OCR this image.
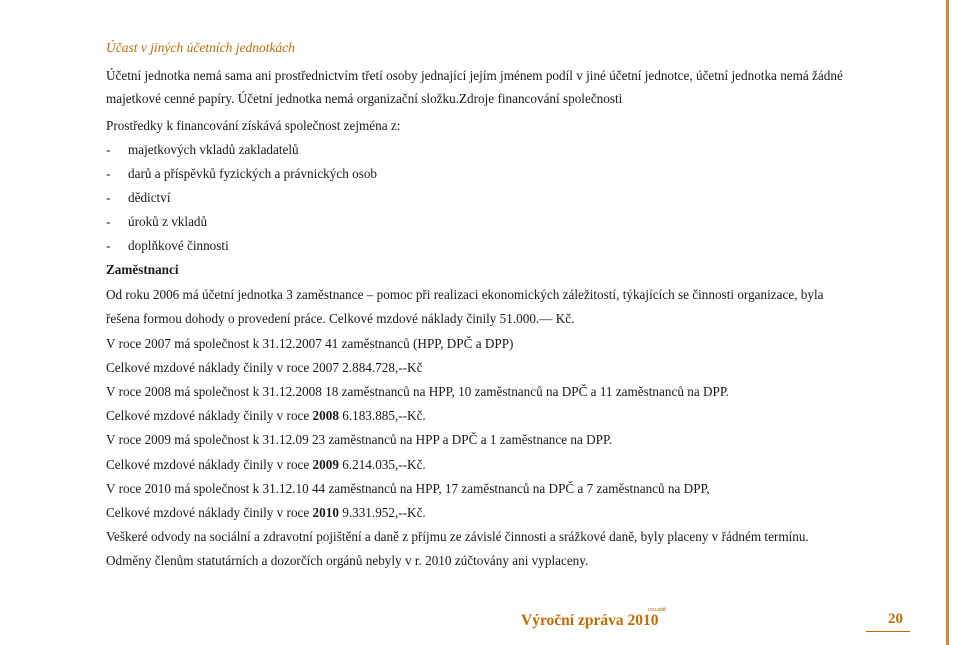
Účast v jiných účetních jednotkách
Účetní jednotka nemá sama ani prostřednictvím třetí osoby jednající jejím jménem podíl v jiné účetní jednotce, účetní jednotka nemá žádné
majetkové cenné papíry. Účetní jednotka nemá organizační složku.Zdroje financování společnosti
Prostředky k financování získává společnost zejména z:
- majetkových vkladů zakladatelů
- darů a příspěvků fyzických a právnických osob
- dědictví
- úroků z vkladů
- doplňkové činnosti
Zaměstnanci
Od roku 2006 má účetní jednotka 3 zaměstnance – pomoc při realizaci ekonomických záležitostí, týkajících se činnosti organizace, byla
řešena formou dohody o provedení práce. Celkové mzdové náklady činily 51.000.— Kč.
V roce 2007 má společnost k 31.12.2007 41 zaměstnanců (HPP, DPČ a DPP)
Celkové mzdové náklady činily v roce 2007 2.884.728,--Kč
V roce 2008 má společnost k 31.12.2008 18 zaměstnanců na HPP, 10 zaměstnanců na DPČ a 11 zaměstnanců na DPP.
Celkové mzdové náklady činily v roce 2008 6.183.885,--Kč.
V roce 2009 má společnost k 31.12.09 23 zaměstnanců na HPP a DPČ a 1 zaměstnance na DPP.
Celkové mzdové náklady činily v roce 2009 6.214.035,--Kč.
V roce 2010 má společnost k 31.12.10 44 zaměstnanců na HPP, 17 zaměstnanců na DPČ a 7 zaměstnanců na DPP,
Celkové mzdové náklady činily v roce 2010 9.331.952,--Kč.
Veškeré odvody na sociální a zdravotní pojištění a daně z příjmu ze závislé činnosti a srážkové daně, byly placeny v řádném termínu.
Odměny členům statutárních a dozorčích orgánů nebyly v r. 2010 zúčtovány ani vyplaceny.
Výroční zpráva 2010
ccu.add
20
